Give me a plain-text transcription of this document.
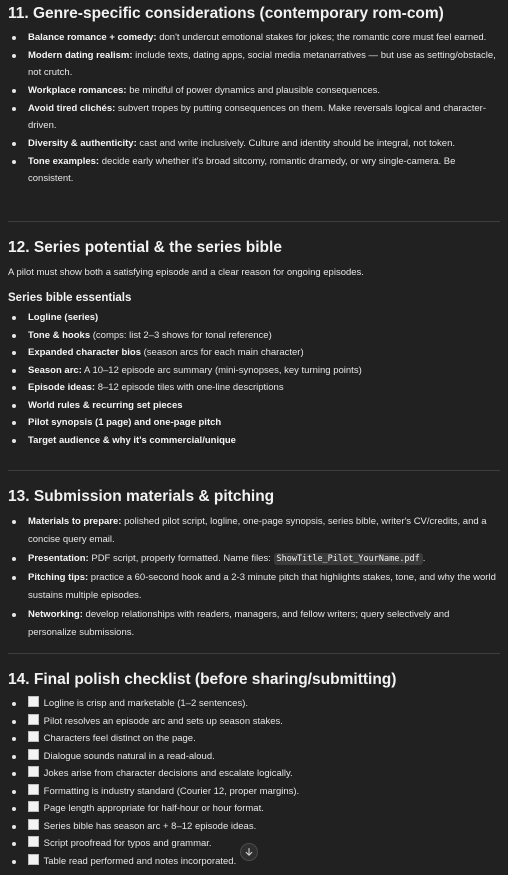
11. Genre-specific considerations (contemporary rom-com)
Balance romance + comedy: don't undercut emotional stakes for jokes; the romantic core must feel earned.
Modern dating realism: include texts, dating apps, social media metanarratives — but use as setting/obstacle, not crutch.
Workplace romances: be mindful of power dynamics and plausible consequences.
Avoid tired clichés: subvert tropes by putting consequences on them. Make reversals logical and character-driven.
Diversity & authenticity: cast and write inclusively. Culture and identity should be integral, not token.
Tone examples: decide early whether it's broad sitcomy, romantic dramedy, or wry single-camera. Be consistent.
12. Series potential & the series bible

A pilot must show both a satisfying episode and a clear reason for ongoing episodes.

Series bible essentials
Logline (series)
Tone & hooks (comps: list 2–3 shows for tonal reference)
Expanded character bios (season arcs for each main character)
Season arc: A 10–12 episode arc summary (mini-synopses, key turning points)
Episode ideas: 8–12 episode tiles with one-line descriptions
World rules & recurring set pieces
Pilot synopsis (1 page) and one-page pitch
Target audience & why it's commercial/unique
13. Submission materials & pitching
Materials to prepare: polished pilot script, logline, one-page synopsis, series bible, writer's CV/credits, and a concise query email.
Presentation: PDF script, properly formatted. Name files: ShowTitle_Pilot_YourName.pdf .
Pitching tips: practice a 60-second hook and a 2-3 minute pitch that highlights stakes, tone, and why the world sustains multiple episodes.
Networking: develop relationships with readers, managers, and fellow writers; query selectively and personalize submissions.
14. Final polish checklist (before sharing/submitting)
Logline is crisp and marketable (1–2 sentences).
Pilot resolves an episode arc and sets up season stakes.
Characters feel distinct on the page.
Dialogue sounds natural in a read-aloud.
Jokes arise from character decisions and escalate logically.
Formatting is industry standard (Courier 12, proper margins).
Page length appropriate for half-hour or hour format.
Series bible has season arc + 8–12 episode ideas.
Script proofread for typos and grammar.
Table read performed and notes incorporated.
